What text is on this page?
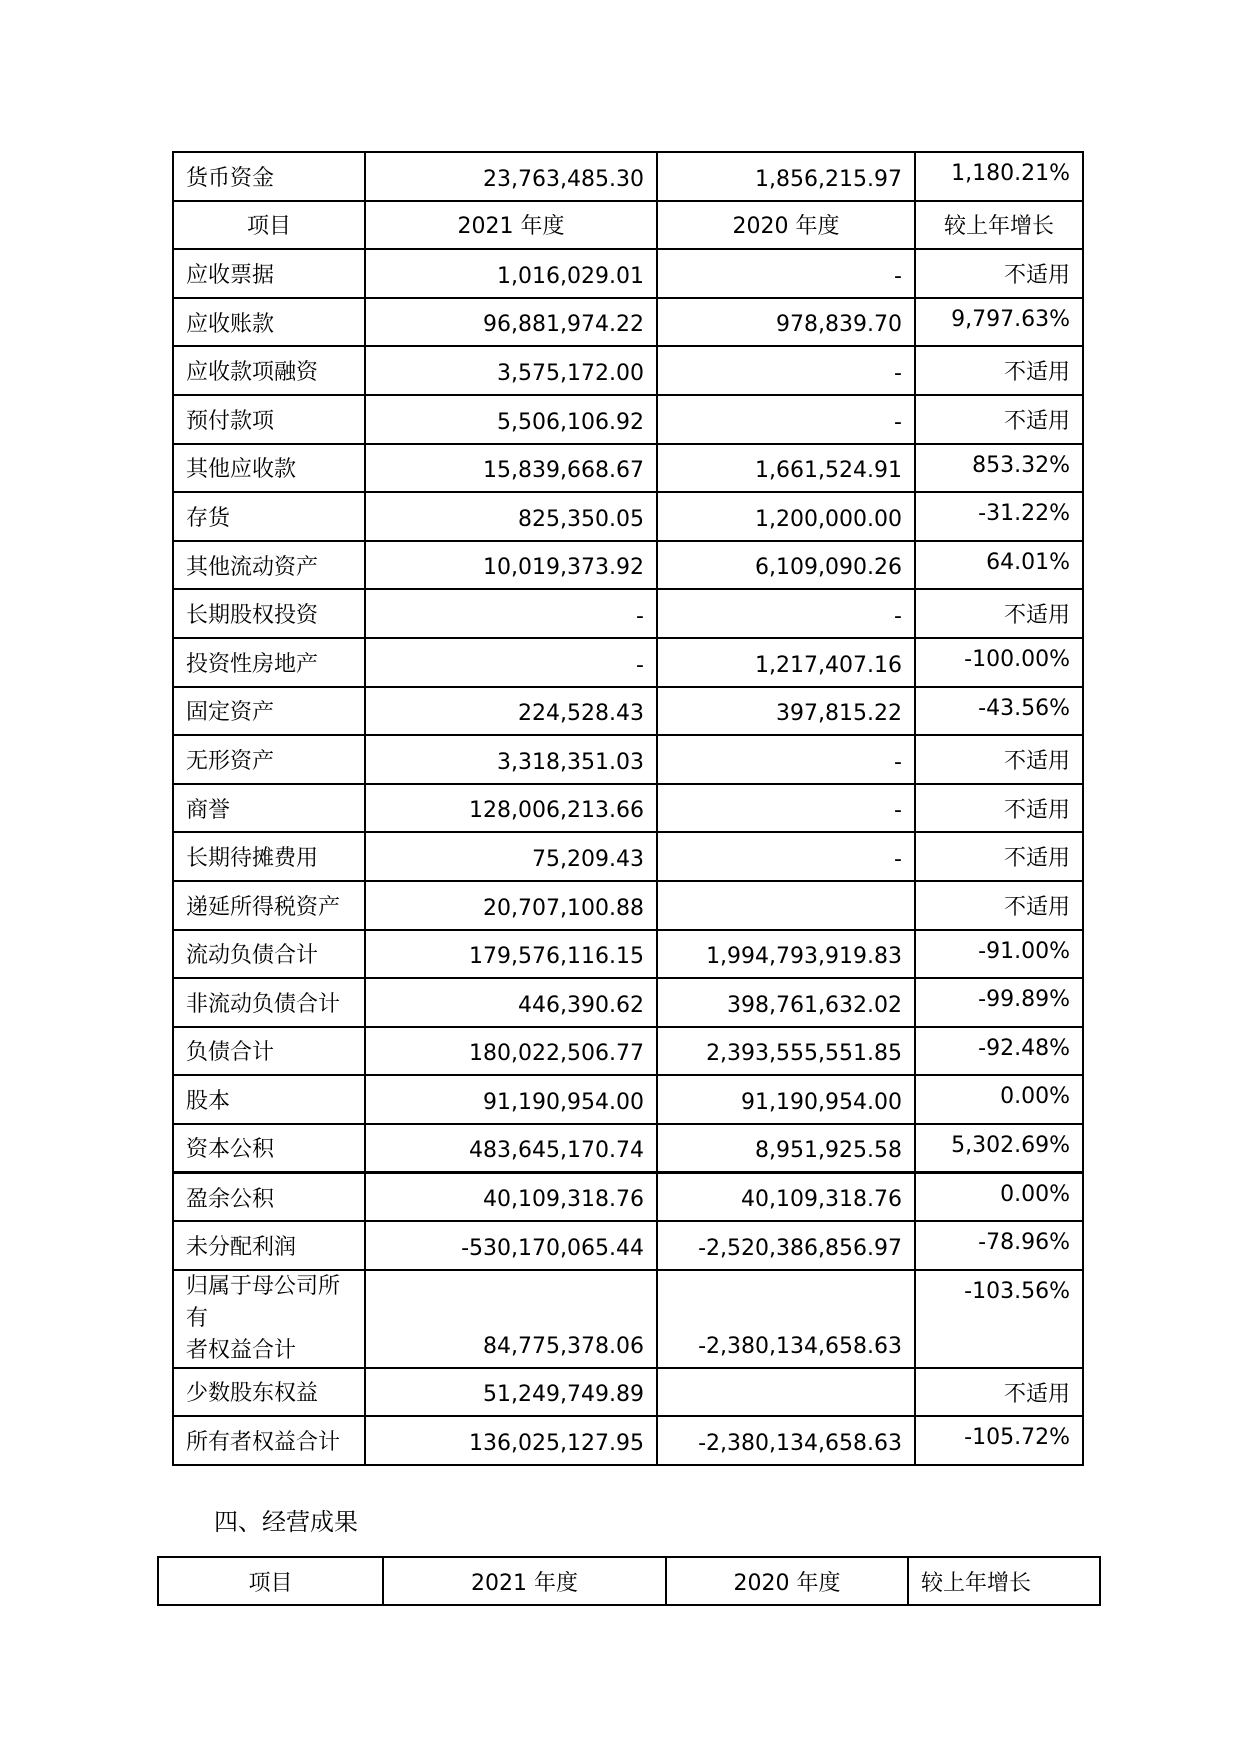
货币资金	23,763,485.30	1,856,215.97	1,180.21%
项目	2021 年度	2020 年度	较上年增长
应收票据	1,016,029.01	-	不适用
应收账款	96,881,974.22	978,839.70	9,797.63%
应收款项融资	3,575,172.00	-	不适用
预付款项	5,506,106.92	-	不适用
其他应收款	15,839,668.67	1,661,524.91	853.32%
存货	825,350.05	1,200,000.00	-31.22%
其他流动资产	10,019,373.92	6,109,090.26	64.01%
长期股权投资	-	-	不适用
投资性房地产	-	1,217,407.16	-100.00%
固定资产	224,528.43	397,815.22	-43.56%
无形资产	3,318,351.03	-	不适用
商誉	128,006,213.66	-	不适用
长期待摊费用	75,209.43	-	不适用
递延所得税资产	20,707,100.88		不适用
流动负债合计	179,576,116.15	1,994,793,919.83	-91.00%
非流动负债合计	446,390.62	398,761,632.02	-99.89%
负债合计	180,022,506.77	2,393,555,551.85	-92.48%
股本	91,190,954.00	91,190,954.00	0.00%
资本公积	483,645,170.74	8,951,925.58	5,302.69%
盈余公积	40,109,318.76	40,109,318.76	0.00%
未分配利润	-530,170,065.44	-2,520,386,856.97	-78.96%

归属于母公司所有
者权益合计	84,775,378.06	-2,380,134,658.63	-103.56%
少数股东权益	51,249,749.89		不适用
所有者权益合计	136,025,127.95	-2,380,134,658.63	-105.72%
四、经营成果
项目	2021 年度	2020 年度	较上年增长
